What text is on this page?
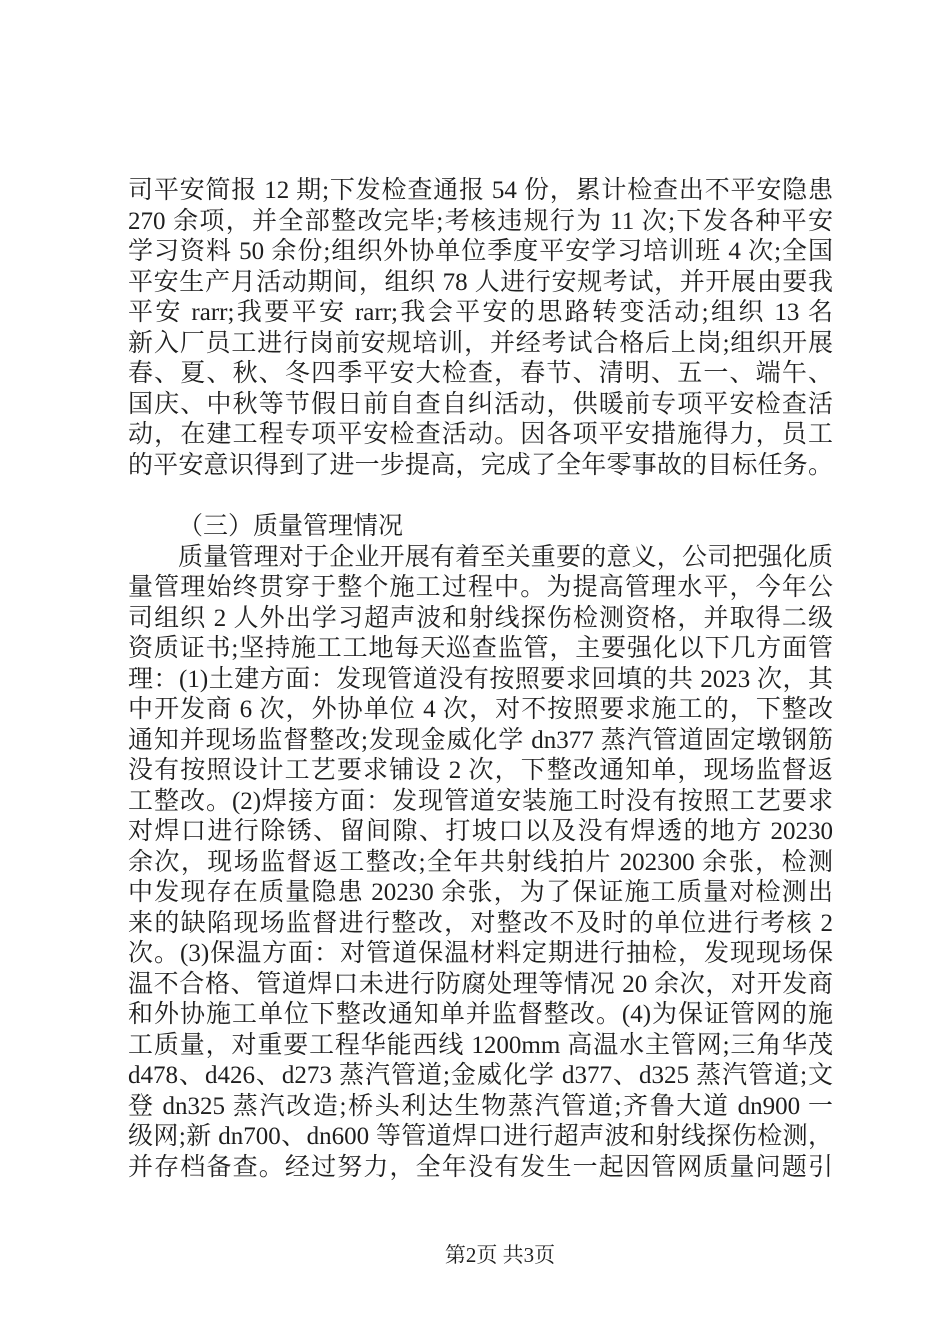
司平安简报 12 期;下发检查通报 54 份，累计检查出不平安隐患
270 余项，并全部整改完毕;考核违规行为 11 次;下发各种平安
学习资料 50 余份;组织外协单位季度平安学习培训班 4 次;全国
平安生产月活动期间，组织 78 人进行安规考试，并开展由要我
平安 rarr;我要平安 rarr;我会平安的思路转变活动;组织 13 名
新入厂员工进行岗前安规培训，并经考试合格后上岗;组织开展
春、夏、秋、冬四季平安大检查，春节、清明、五一、端午、
国庆、中秋等节假日前自查自纠活动，供暖前专项平安检查活
动，在建工程专项平安检查活动。因各项平安措施得力，员工
的平安意识得到了进一步提高，完成了全年零事故的目标任务。
（三）质量管理情况
质量管理对于企业开展有着至关重要的意义，公司把强化质
量管理始终贯穿于整个施工过程中。为提高管理水平，今年公
司组织 2 人外出学习超声波和射线探伤检测资格，并取得二级
资质证书;坚持施工工地每天巡查监管，主要强化以下几方面管
理：(1)土建方面：发现管道没有按照要求回填的共 2023 次，其
中开发商 6 次，外协单位 4 次，对不按照要求施工的，下整改
通知并现场监督整改;发现金威化学 dn377 蒸汽管道固定墩钢筋
没有按照设计工艺要求铺设 2 次，下整改通知单，现场监督返
工整改。(2)焊接方面：发现管道安装施工时没有按照工艺要求
对焊口进行除锈、留间隙、打坡口以及没有焊透的地方 20230
余次，现场监督返工整改;全年共射线拍片 202300 余张，检测
中发现存在质量隐患 20230 余张，为了保证施工质量对检测出
来的缺陷现场监督进行整改，对整改不及时的单位进行考核 2
次。(3)保温方面：对管道保温材料定期进行抽检，发现现场保
温不合格、管道焊口未进行防腐处理等情况 20 余次，对开发商
和外协施工单位下整改通知单并监督整改。(4)为保证管网的施
工质量，对重要工程华能西线 1200mm 高温水主管网;三角华茂
d478、d426、d273 蒸汽管道;金威化学 d377、d325 蒸汽管道;文
登 dn325 蒸汽改造;桥头利达生物蒸汽管道;齐鲁大道 dn900 一
级网;新 dn700、dn600 等管道焊口进行超声波和射线探伤检测，
并存档备查。经过努力，全年没有发生一起因管网质量问题引
第2页 共3页
